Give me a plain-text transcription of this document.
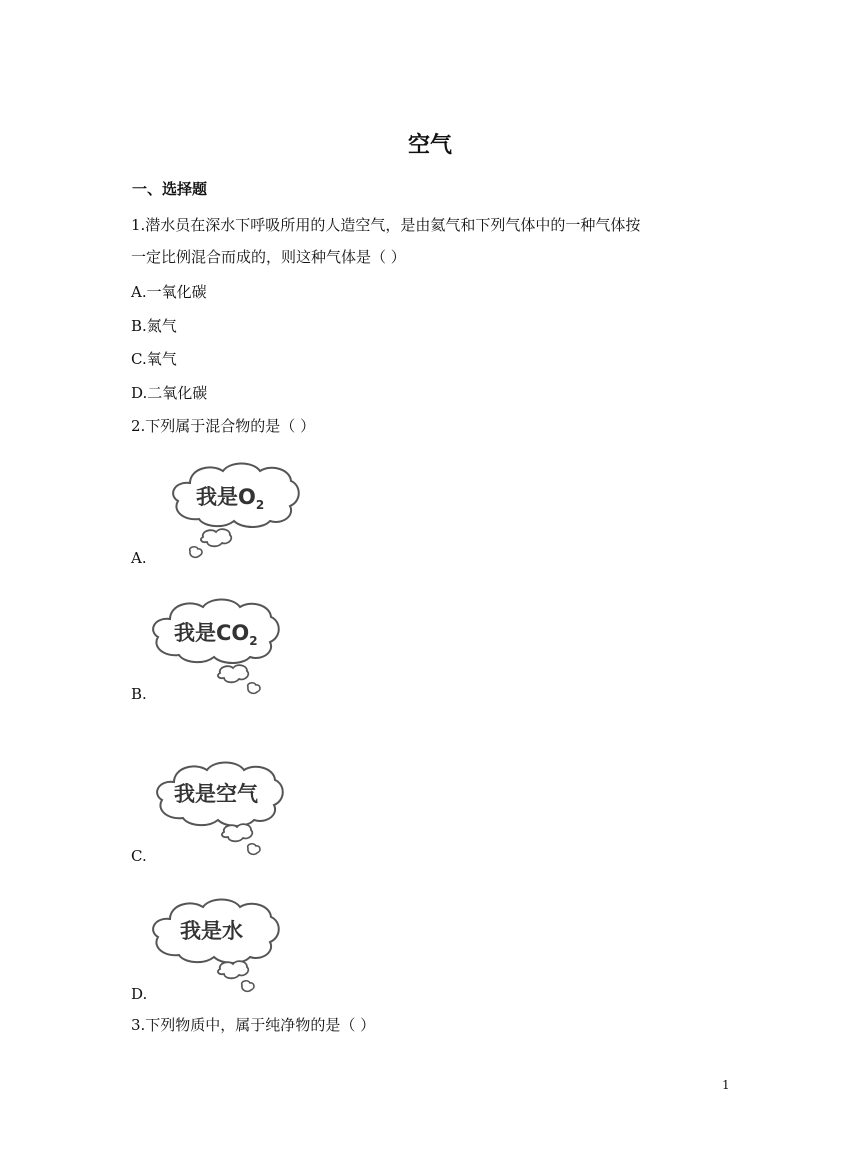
空气
一、选择题
1.潜水员在深水下呼吸所用的人造空气，是由氦气和下列气体中的一种气体按
一定比例混合而成的，则这种气体是（ ）
A.一氧化碳
B.氮气
C.氧气
D.二氧化碳
2.下列属于混合物的是（ ）
我是$O_2$
A.
我是$CO_2$
B.
我是空气
C.
我是水
D.
3.下列物质中，属于纯净物的是（ ）
1
